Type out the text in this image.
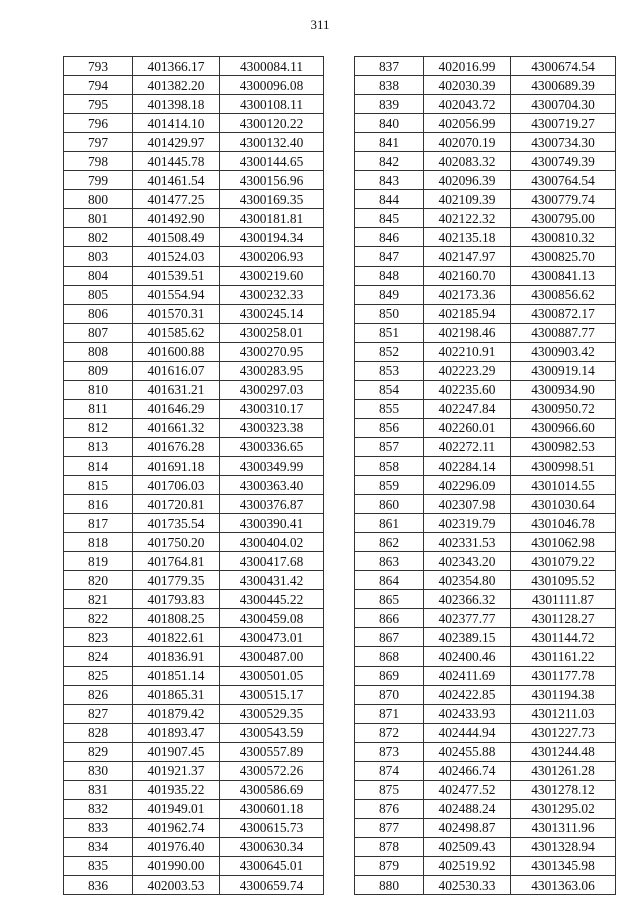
311
793	401366.17	4300084.11
794	401382.20	4300096.08
795	401398.18	4300108.11
796	401414.10	4300120.22
797	401429.97	4300132.40
798	401445.78	4300144.65
799	401461.54	4300156.96
800	401477.25	4300169.35
801	401492.90	4300181.81
802	401508.49	4300194.34
803	401524.03	4300206.93
804	401539.51	4300219.60
805	401554.94	4300232.33
806	401570.31	4300245.14
807	401585.62	4300258.01
808	401600.88	4300270.95
809	401616.07	4300283.95
810	401631.21	4300297.03
811	401646.29	4300310.17
812	401661.32	4300323.38
813	401676.28	4300336.65
814	401691.18	4300349.99
815	401706.03	4300363.40
816	401720.81	4300376.87
817	401735.54	4300390.41
818	401750.20	4300404.02
819	401764.81	4300417.68
820	401779.35	4300431.42
821	401793.83	4300445.22
822	401808.25	4300459.08
823	401822.61	4300473.01
824	401836.91	4300487.00
825	401851.14	4300501.05
826	401865.31	4300515.17
827	401879.42	4300529.35
828	401893.47	4300543.59
829	401907.45	4300557.89
830	401921.37	4300572.26
831	401935.22	4300586.69
832	401949.01	4300601.18
833	401962.74	4300615.73
834	401976.40	4300630.34
835	401990.00	4300645.01
836	402003.53	4300659.74
837	402016.99	4300674.54
838	402030.39	4300689.39
839	402043.72	4300704.30
840	402056.99	4300719.27
841	402070.19	4300734.30
842	402083.32	4300749.39
843	402096.39	4300764.54
844	402109.39	4300779.74
845	402122.32	4300795.00
846	402135.18	4300810.32
847	402147.97	4300825.70
848	402160.70	4300841.13
849	402173.36	4300856.62
850	402185.94	4300872.17
851	402198.46	4300887.77
852	402210.91	4300903.42
853	402223.29	4300919.14
854	402235.60	4300934.90
855	402247.84	4300950.72
856	402260.01	4300966.60
857	402272.11	4300982.53
858	402284.14	4300998.51
859	402296.09	4301014.55
860	402307.98	4301030.64
861	402319.79	4301046.78
862	402331.53	4301062.98
863	402343.20	4301079.22
864	402354.80	4301095.52
865	402366.32	4301111.87
866	402377.77	4301128.27
867	402389.15	4301144.72
868	402400.46	4301161.22
869	402411.69	4301177.78
870	402422.85	4301194.38
871	402433.93	4301211.03
872	402444.94	4301227.73
873	402455.88	4301244.48
874	402466.74	4301261.28
875	402477.52	4301278.12
876	402488.24	4301295.02
877	402498.87	4301311.96
878	402509.43	4301328.94
879	402519.92	4301345.98
880	402530.33	4301363.06
